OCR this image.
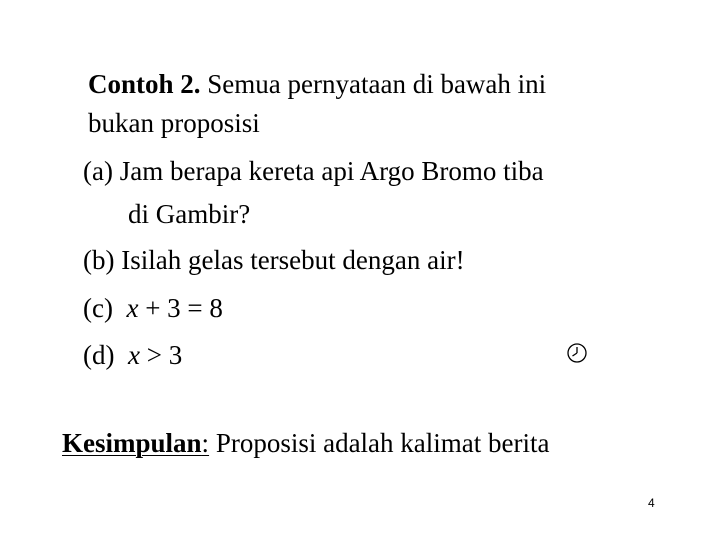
Contoh 2. Semua pernyataan di bawah ini
bukan proposisi
(a) Jam berapa kereta api Argo Bromo tiba
di Gambir?
(b) Isilah gelas tersebut dengan air!
(c) x + 3 = 8
(d) x > 3
Kesimpulan: Proposisi adalah kalimat berita
4
